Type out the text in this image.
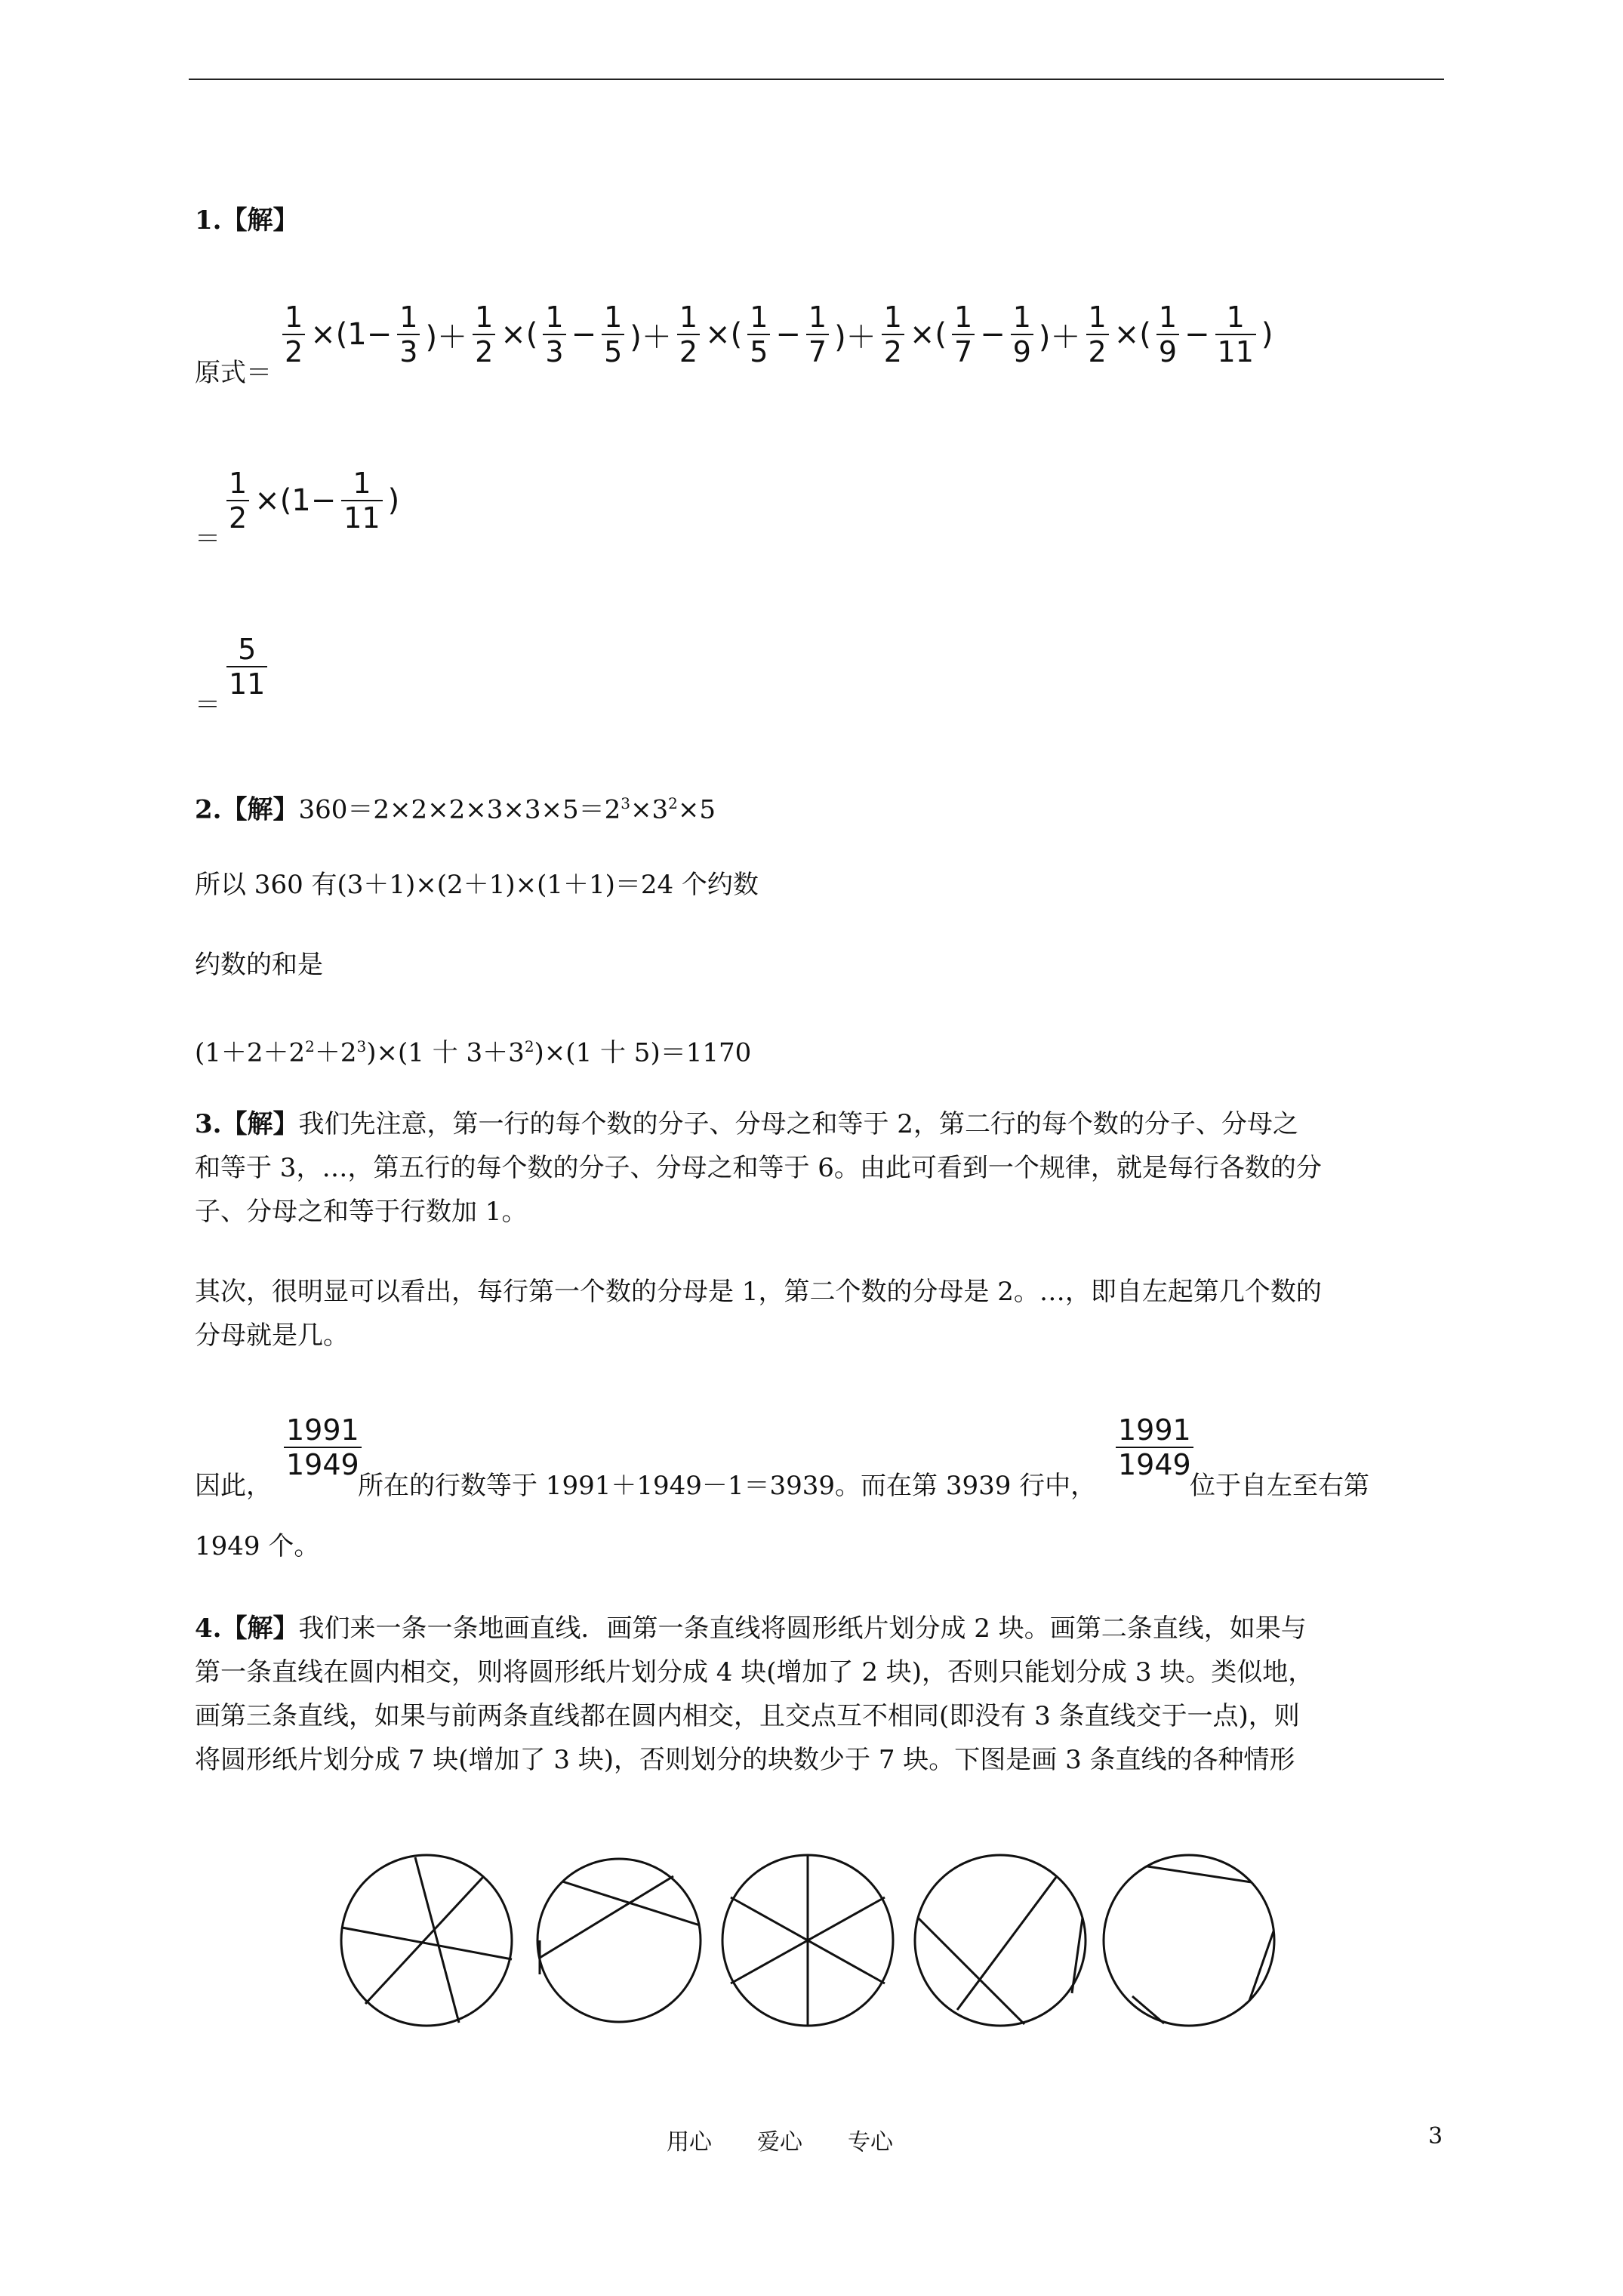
1.【解】
原式＝
$\frac{1}{2} \times(1- \frac{1}{3}$ )＋ $\frac{1}{2}$ ×( $\frac{1}{3} - \frac{1}{5}$ )＋ $\frac{1}{2}$ ×( $\frac{1}{5} - \frac{1}{7}$ )＋ $\frac{1}{2}$ ×( $\frac{1}{7} - \frac{1}{9}$ )＋ $\frac{1}{2}$ ×( $\frac{1}{9} - \frac{1}{11}$ )
＝
$\frac{1}{2} \times(1- \frac{1}{11}$ )
＝
$\frac{5}{11}$
2.【解】$360=2\times 2\times 2\times 3\times 3\times 5=2^3\times 3^2\times 5$
所以 360 有(3＋1)×(2＋1)×(1＋1)＝24 个约数
约数的和是
$(1+2+2^2+2^3)\times(1$ 十 $3+3^2)\times(1$ 十 5)＝1170
3.【解】我们先注意，第一行的每个数的分子、分母之和等于 2，第二行的每个数的分子、分母之
和等于 3，…，第五行的每个数的分子、分母之和等于 6。由此可看到一个规律，就是每行各数的分
子、分母之和等于行数加 1。
其次，很明显可以看出，每行第一个数的分母是 1，第二个数的分母是 2。…，即自左起第几个数的
分母就是几。
因此，
$\frac{1991}{1949}$
所在的行数等于 1991＋1949－1＝3939。而在第 3939 行中，
$\frac{1991}{1949}$
位于自左至右第
1949 个。
4.【解】我们来一条一条地画直线．画第一条直线将圆形纸片划分成 2 块。画第二条直线，如果与
第一条直线在圆内相交，则将圆形纸片划分成 4 块(增加了 2 块)，否则只能划分成 3 块。类似地，
画第三条直线，如果与前两条直线都在圆内相交，且交点互不相同(即没有 3 条直线交于一点)，则
将圆形纸片划分成 7 块(增加了 3 块)，否则划分的块数少于 7 块。下图是画 3 条直线的各种情形
用心　　爱心　　专心	3
